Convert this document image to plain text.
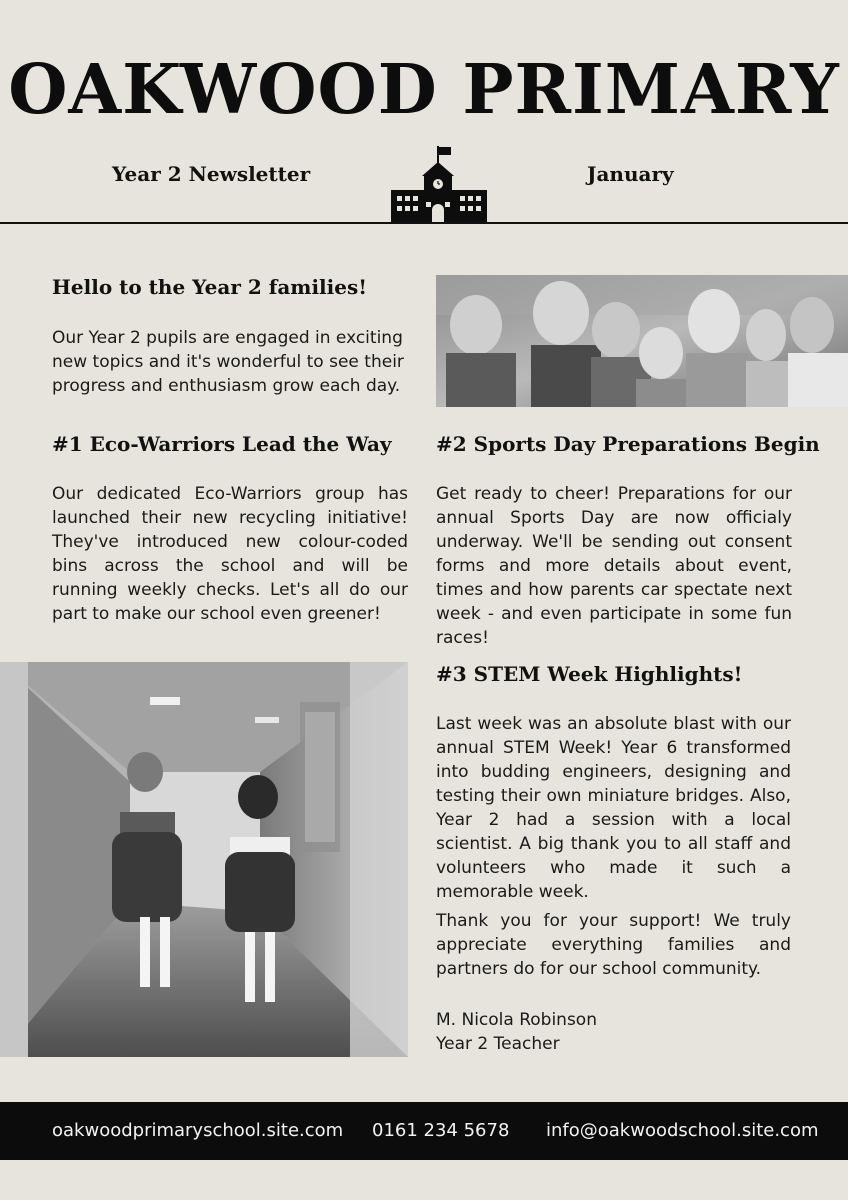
OAKWOOD PRIMARY
Year 2 Newsletter	January
Hello to the Year 2 families!
Our Year 2 pupils are engaged in exciting new topics and it's wonderful to see their progress and enthusiasm grow each day.
#1 Eco-Warriors Lead the Way
Our dedicated Eco-Warriors group has launched their new recycling initiative! They've introduced new colour-coded bins across the school and will be running weekly checks. Let's all do our part to make our school even greener!
#2 Sports Day Preparations Begin
Get ready to cheer! Preparations for our annual Sports Day are now officialy underway. We'll be sending out consent forms and more details about event, times and how parents car spectate next week - and even participate in some fun races!
#3 STEM Week Highlights!
Last week was an absolute blast with our annual STEM Week! Year 6 transformed into budding engineers, designing and testing their own miniature bridges. Also, Year 2 had a session with a local scientist. A big thank you to all staff and volunteers who made it such a memorable week.
Thank you for your support! We truly appreciate everything families and partners do for our school community.
M. Nicola Robinson
Year 2 Teacher
oakwoodprimaryschool.site.com 0161 234 5678 info@oakwoodschool.site.com
